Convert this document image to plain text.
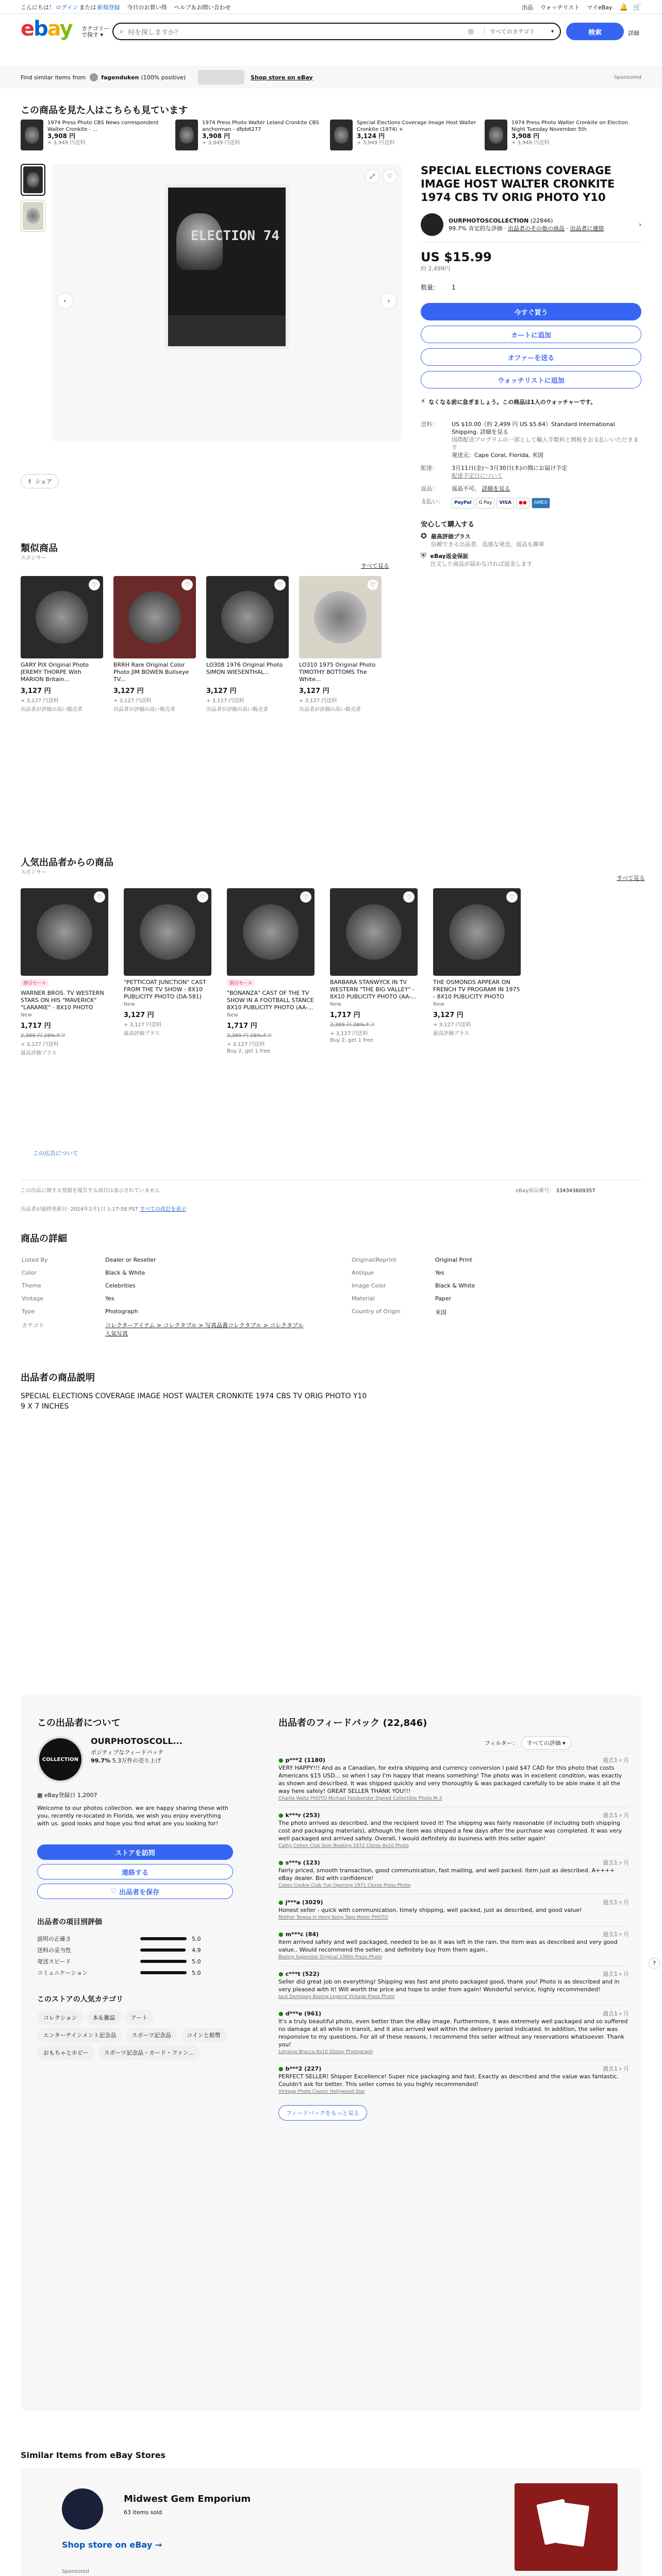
こんにちは！ ログイン または 新規登録 今日のお買い得 ヘルプ＆お問い合わせ	出品 ウォッチリスト マイeBay 🔔 🛒
ebay カテゴリー
で探す ▾	⌕ 何を探しますか？	◎	すべてのカテゴリ	▾	検索	詳細
Find similar items from	fagenduken (100% positive)	Shop store on eBay	Sponsored
この商品を見た人はこちらも見ています
1974 Press Photo CBS News correspondent Walter Cronkite - ...
3,908 円
+ 3,949 円送料
1974 Press Photo Walter Leland Cronkite CBS anchorman - dfpb6277
3,908 円
+ 3,949 円送料
Special Elections Coverage Image Host Walter Cronkite (1974) +
3,124 円
+ 3,949 円送料
1974 Press Photo Walter Cronkite on Election Night Tuesday November 5th
3,908 円
+ 3,949 円送料
ELECTION 74
‹	›
⤢	♡
⇪ シェア
SPECIAL ELECTIONS COVERAGE IMAGE HOST WALTER CRONKITE 1974 CBS TV ORIG PHOTO Y10
OURPHOTOSCOLLECTION (22846)
99.7% 肯定的な評価 · 出品者のその他の商品 · 出品者に連絡
›
US $15.99
約 2,499円
数量：	1
今すぐ買う
カートに追加
オファーを送る
ウォッチリストに追加
⚡ なくなる前に急ぎましょう。この商品は1人のウォッチャーです。
送料：	US $10.00（約 2,499 円 US $5.64）Standard International Shipping. 詳細を見る
国際配送プログラムの一部として輸入手数料と関税をお支払いいただきます
発送元：Cape Coral, Florida, 米国
配達：	3月11日(金)～3月30日(木)の間にお届け予定
配達予定日について
返品：	返品不可。 詳細を見る
支払い：	PayPal	G Pay	VISA	●●	AMEX
安心して購入する
✪ 最高評価プラス
信頼できる出品者、迅速な発送、返品も簡単
⛨ eBay返金保証
注文した商品が届かなければ返金します
類似商品
スポンサー
すべて見る
♡
GARY PIX Original Photo JEREMY THORPE With MARION Britain...
3,127 円
+ 3,127 円送料
出品者が評価の高い販売者
♡
BRRH Rare Original Color Photo JIM BOWEN Bullseye TV...
3,127 円
+ 3,127 円送料
出品者が評価の高い販売者
♡
LO308 1976 Original Photo SIMON WIESENTHAL...
3,127 円
+ 3,127 円送料
出品者が評価の高い販売者
♡
LO310 1975 Original Photo TIMOTHY BOTTOMS The White...
3,127 円
+ 3,127 円送料
出品者が評価の高い販売者
人気出品者からの商品
スポンサー
すべて見る
♡
割引セール
WARNER BROS. TV WESTERN STARS ON HIS "MAVERICK" "LARAMIE" - 8X10 PHOTO
New
1,717 円
2,389 円 28%オフ
+ 3,127 円送料
最高評価プラス
♡
"PETTICOAT JUNCTION" CAST FROM THE TV SHOW - 8X10 PUBLICITY PHOTO (DA-581)
New
3,127 円
+ 3,127 円送料
最高評価プラス
♡
割引セール
"BONANZA" CAST OF THE TV SHOW IN A FOOTBALL STANCE 8X10 PUBLICITY PHOTO (AA-...
New
1,717 円
2,389 円 28%オフ
+ 3,127 円送料
Buy 2, get 1 free
♡
BARBARA STANWYCK IN TV WESTERN "THE BIG VALLEY" - 8X10 PUBLICITY PHOTO (AA-...
New
1,717 円
2,389 円 28%オフ
+ 3,127 円送料
Buy 2, get 1 free
♡
THE OSMONDS APPEAR ON FRENCH TV PROGRAM IN 1975 - 8X10 PUBLICITY PHOTO
New
3,127 円
+ 3,127 円送料
最高評価プラス
この広告について
この出品に関する情報を報告する項目は表示されていません	eBay商品番号： 334343609357
出品者が最終更新日: 2024年2月1日 1:17:58 PST すべての改訂を表示
商品の詳細
Listed By	Dealer or Reseller
Color	Black & White
Theme	Celebrities
Vintage	Yes
Type	Photograph
カテゴリ	コレクターアイテム > コレクタブル > 写真品番コレクタブル > コレクタブル人気写真
Original/Reprint	Original Print
Antique	Yes
Image Color	Black & White
Material	Paper
Country of Origin	米国
出品者の商品説明
SPECIAL ELECTIONS COVERAGE IMAGE HOST WALTER CRONKITE 1974 CBS TV ORIG PHOTO Y10
9 X 7 INCHES
この出品者について
COLLECTION
OURPHOTOSCOLL...
ポジティブなフィードバック
99.7% 5.3万件の売り上げ
▦ eBay登録日 1,2007
Welcome to our photos collection. we are happy sharing these with you, recently re-located in Florida, we wish you enjoy everything with us. good looks and hope you find what are you looking for!
ストアを訪問
連絡する
♡
出品者を保存
出品者の項目別評価
説明の正確さ	5.0
送料の妥当性	4.9
発送スピード	5.0
コミュニケーション	5.0
このストアの人気カテゴリ
コレクション	本＆雑誌	アートエンターテインメント記念品	スポーツ記念品	コインと紙幣おもちゃとホビー	スポーツ記念品・カード・ファン...
出品者のフィードバック (22,846)
フィルター：	すべての評価 ▾
● p***2 (1180)	過去1ヶ月
VERY HAPPY!!! And as a Canadian, for extra shipping and currency conversion I paid $47 CAD for this photo that costs Americans $15 USD... so when I say I'm happy that means something! The photo was in excellent condition, was exactly as shown and described. It was shipped quickly and very thoroughly & was packaged carefully to be able make it all the way here safely! GREAT SELLER THANK YOU!!!
Charlie Waltz PHOTO Michael Fassbender Signed Collectible Photo M-3
● k***r (253)	過去1ヶ月
The photo arrived as described, and the recipient loved it! The shipping was fairly reasonable (if including both shipping cost and packaging materials), although the item was shipped a few days after the purchase was completed. It was very well packaged and arrived safely. Overall, I would definitely do business with this seller again!
Cathy Cohen Club Spin Bowling 1972 Clorox 8x10 Photo
● s***s (123)	過去1ヶ月
Fairly priced, smooth transaction, good communication, fast mailing, and well packed. Item just as described. A++++ eBay dealer. Bid with confidence!
Cokes Cookie Club 7up Opening 1971 Clorox Press Photo
● j***a (3029)	過去1ヶ月
Honest seller - quick with communication, timely shipping, well packed, just as described, and good value!
Mother Teresa in Hong Kong Taps Mater PHOTO
● m***c (84)	過去1ヶ月
Item arrived safely and well packaged, needed to be as it was left in the rain, the item was as described and very good value.. Would recommend the seller, and definitely buy from them again..
Boxing Superstar Original 1960s Press Photo
● c***t (522)	過去1ヶ月
Seller did great job on everything! Shipping was fast and photo packaged good, thank you! Photo is as described and in very pleased with it! Will worth the price and hope to order from again! Wonderful service, highly recommended!
Jack Dempsey Boxing Legend Vintage Press Photo
● d***e (961)	過去1ヶ月
It's a truly beautiful photo, even better than the eBay image. Furthermore, it was extremely well packaged and so suffered no damage at all while in transit, and it also arrived well within the delivery period indicated. In addition, the seller was responsive to my questions. For all of these reasons, I recommend this seller without any reservations whatsoever. Thank you!
Lorraine Bracco 8x10 Glossy Photograph
● b***2 (227)	過去1ヶ月
PERFECT SELLER! Shipper Excellence! Super nice packaging and fast. Exactly as described and the value was fantastic. Couldn't ask for better. This seller comes to you highly recommended!
Vintage Photo Classic Hollywood Star
フィードバックをもっと見る
Similar Items from eBay Stores
Midwest Gem Emporium
63 items sold
Shop store on eBay →
Sponsored
?
